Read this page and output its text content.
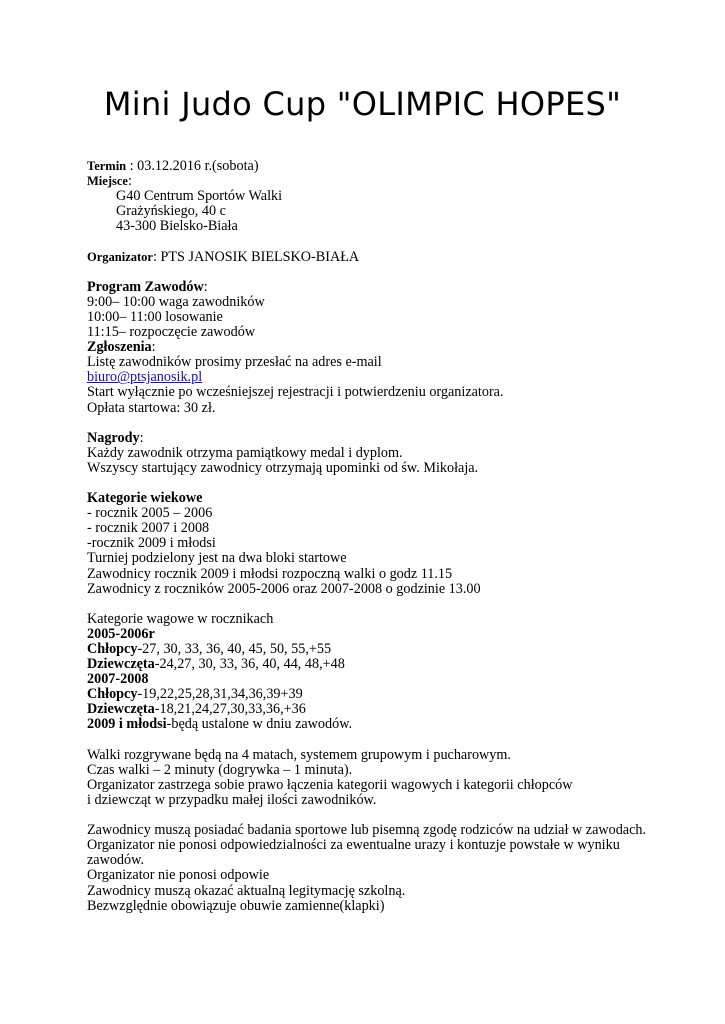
Mini Judo Cup "OLIMPIC HOPES"
Termin : 03.12.2016 r.(sobota)
Miejsce:
G40 Centrum Sportów Walki
Grażyńskiego, 40 c
43-300 Bielsko-Biała
Organizator: PTS JANOSIK BIELSKO-BIAŁA
Program Zawodów:
9:00– 10:00 waga zawodników
10:00– 11:00 losowanie
11:15– rozpoczęcie zawodów
Zgłoszenia:
Listę zawodników prosimy przesłać na adres e-mail
biuro@ptsjanosik.pl
Start wyłącznie po wcześniejszej rejestracji i potwierdzeniu organizatora.
Opłata startowa: 30 zł.
Nagrody:
Każdy zawodnik otrzyma pamiątkowy medal i dyplom.
Wszyscy startujący zawodnicy otrzymają upominki od św. Mikołaja.
Kategorie wiekowe
- rocznik 2005 – 2006
- rocznik 2007 i 2008
-rocznik 2009 i młodsi
Turniej podzielony jest na dwa bloki startowe
Zawodnicy rocznik 2009 i młodsi rozpoczną walki o godz 11.15
Zawodnicy z roczników 2005-2006 oraz 2007-2008 o godzinie 13.00
Kategorie wagowe w rocznikach
2005-2006r
Chłopcy-27, 30, 33, 36, 40, 45, 50, 55,+55
Dziewczęta-24,27, 30, 33, 36, 40, 44, 48,+48
2007-2008
Chłopcy-19,22,25,28,31,34,36,39+39
Dziewczęta-18,21,24,27,30,33,36,+36
2009 i młodsi-będą ustalone w dniu zawodów.
Walki rozgrywane będą na 4 matach, systemem grupowym i pucharowym.
Czas walki – 2 minuty (dogrywka – 1 minuta).
Organizator zastrzega sobie prawo łączenia kategorii wagowych i kategorii chłopców
i dziewcząt w przypadku małej ilości zawodników.
Zawodnicy muszą posiadać badania sportowe lub pisemną zgodę rodziców na udział w zawodach.
Organizator nie ponosi odpowiedzialności za ewentualne urazy i kontuzje powstałe w wyniku
zawodów.
Organizator nie ponosi odpowie
Zawodnicy muszą okazać aktualną legitymację szkolną.
Bezwzględnie obowiązuje obuwie zamienne(klapki)
